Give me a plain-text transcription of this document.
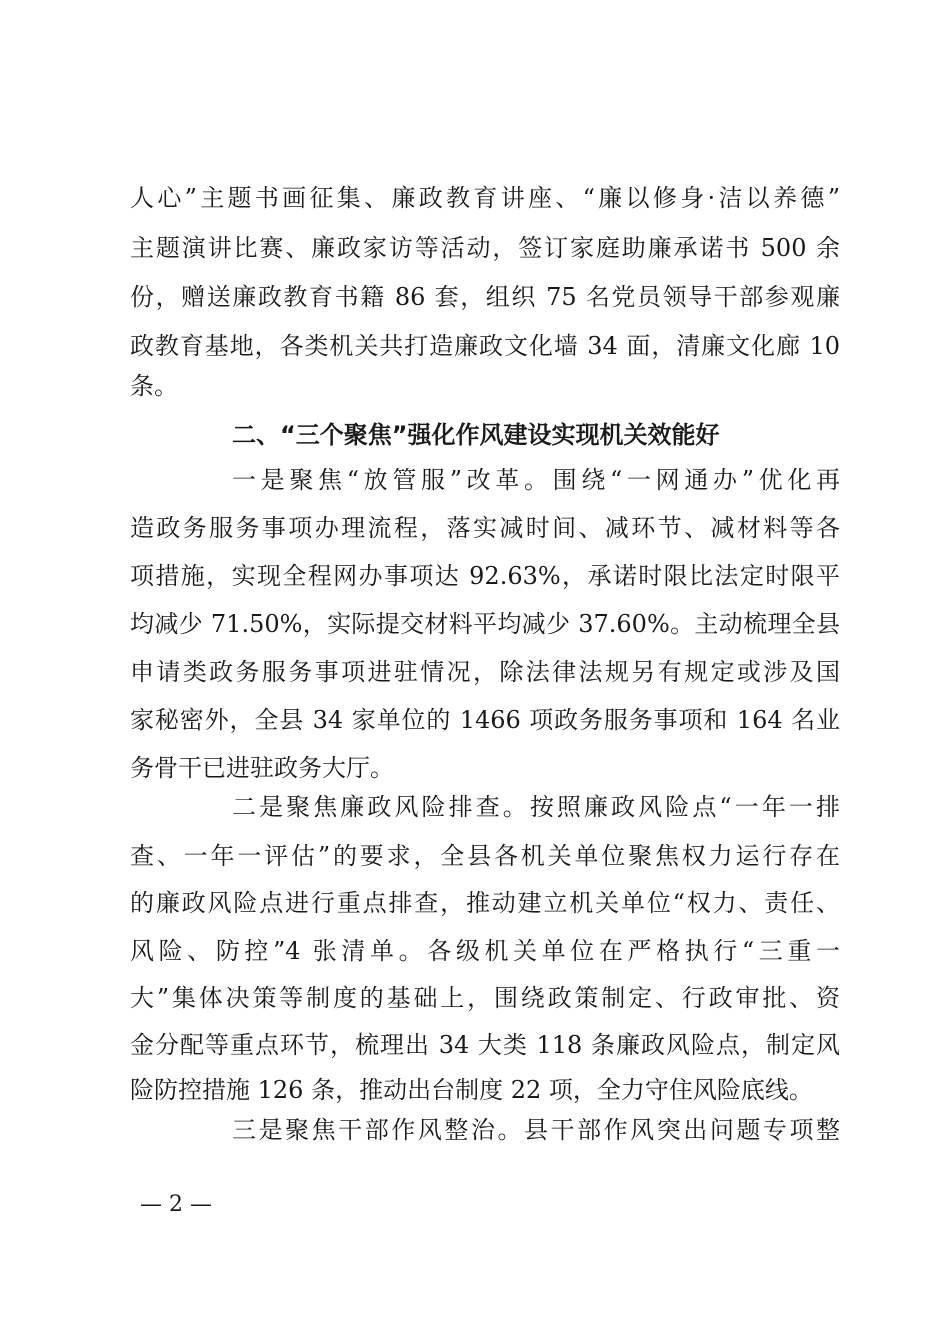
人心”主题书画征集、廉政教育讲座、“廉以修身·洁以养德”
主题演讲比赛、廉政家访等活动，签订家庭助廉承诺书 500 余
份，赠送廉政教育书籍 86 套，组织 75 名党员领导干部参观廉
政教育基地，各类机关共打造廉政文化墙 34 面，清廉文化廊 10
条。
二、“三个聚焦”强化作风建设实现机关效能好
一是聚焦“放管服”改革。围绕“一网通办”优化再
造政务服务事项办理流程，落实减时间、减环节、减材料等各
项措施，实现全程网办事项达 92.63%，承诺时限比法定时限平
均减少 71.50%，实际提交材料平均减少 37.60%。主动梳理全县
申请类政务服务事项进驻情况，除法律法规另有规定或涉及国
家秘密外，全县 34 家单位的 1466 项政务服务事项和 164 名业
务骨干已进驻政务大厅。
二是聚焦廉政风险排查。按照廉政风险点“一年一排
查、一年一评估”的要求，全县各机关单位聚焦权力运行存在
的廉政风险点进行重点排查，推动建立机关单位“权力、责任、
风险、防控”4 张清单。各级机关单位在严格执行“三重一
大”集体决策等制度的基础上，围绕政策制定、行政审批、资
金分配等重点环节，梳理出 34 大类 118 条廉政风险点，制定风
险防控措施 126 条，推动出台制度 22 项，全力守住风险底线。
三是聚焦干部作风整治。县干部作风突出问题专项整
— 2 —
